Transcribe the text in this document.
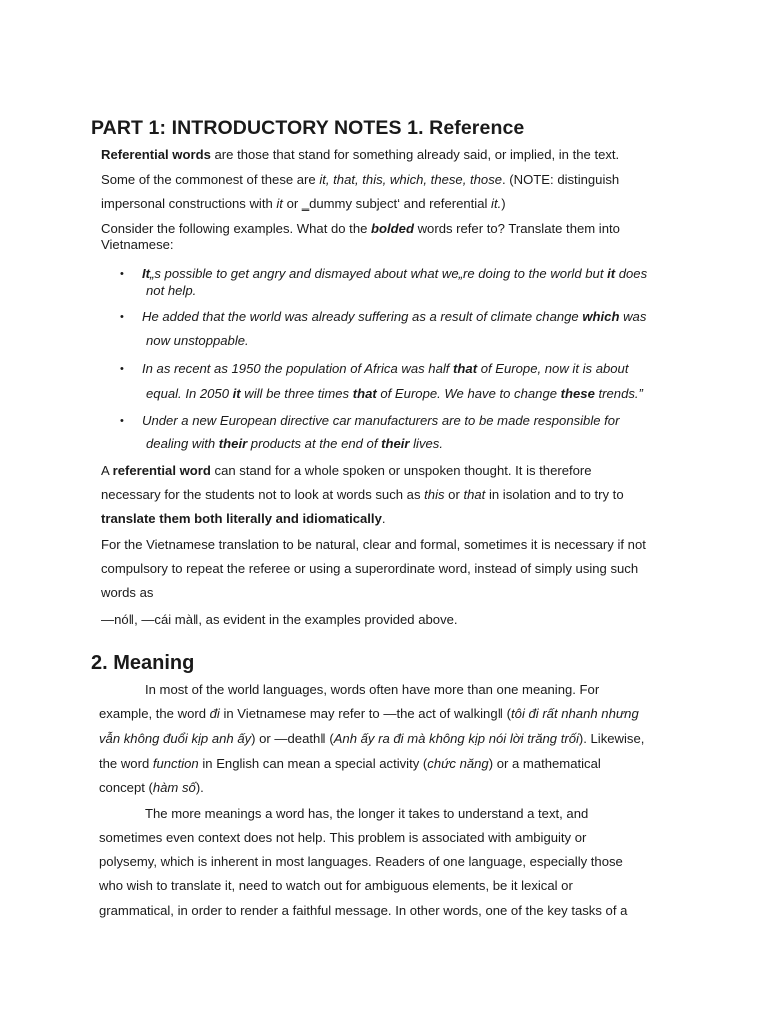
PART 1: INTRODUCTORY NOTES 1. Reference
Referential words are those that stand for something already said, or implied, in the text.
Some of the commonest of these are it, that, this, which, these, those. (NOTE: distinguish
impersonal constructions with it or ‗dummy subject‘ and referential it.)
Consider the following examples. What do the bolded words refer to? Translate them into
Vietnamese:
• It„s possible to get angry and dismayed about what we„re doing to the world but it does
not help.
• He added that the world was already suffering as a result of climate change which was
now unstoppable.
• In as recent as 1950 the population of Africa was half that of Europe, now it is about
equal. In 2050 it will be three times that of Europe. We have to change these trends.”
• Under a new European directive car manufacturers are to be made responsible for
dealing with their products at the end of their lives.
A referential word can stand for a whole spoken or unspoken thought. It is therefore
necessary for the students not to look at words such as this or that in isolation and to try to
translate them both literally and idiomatically.
For the Vietnamese translation to be natural, clear and formal, sometimes it is necessary if not
compulsory to repeat the referee or using a superordinate word, instead of simply using such
words as
—nó‖, —cái mà‖, as evident in the examples provided above.
2. Meaning
In most of the world languages, words often have more than one meaning. For
example, the word đi in Vietnamese may refer to —the act of walking‖ (tôi đi rất nhanh nhưng
vẫn không đuổi kịp anh ấy) or —death‖ (Anh ấy ra đi mà không kịp nói lời trăng trối). Likewise,
the word function in English can mean a special activity (chức năng) or a mathematical
concept (hàm số).
The more meanings a word has, the longer it takes to understand a text, and
sometimes even context does not help. This problem is associated with ambiguity or
polysemy, which is inherent in most languages. Readers of one language, especially those
who wish to translate it, need to watch out for ambiguous elements, be it lexical or
grammatical, in order to render a faithful message. In other words, one of the key tasks of a
